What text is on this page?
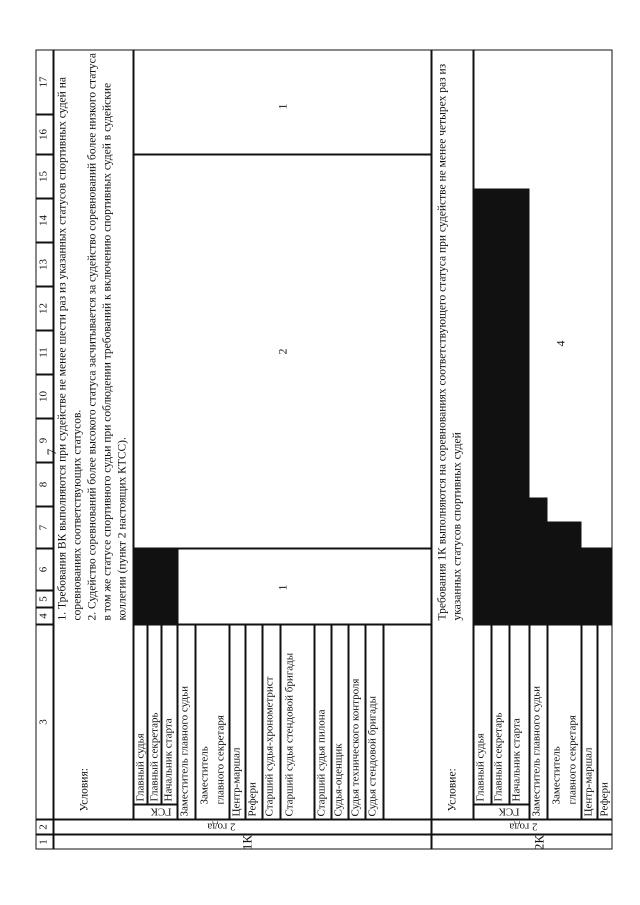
7
1
2
3
4
5
6
7
8
9
10
11
12
13
14
15
16
17
1К
2 года
Условия:
1. Требования ВК выполняются при судействе не менее шести раз из указанных статусов спортивных судей на соревнованиях соответствующих статусов. 2. Судейство соревнований более высокого статуса засчитывается за судейство соревнований более низкого статуса в том же статусе спортивного судьи при соблюдении требований к включению спортивных судей в судейские коллегии (пункт 2 настоящих КТСС).
ГСК
Главный судья Главный секретарь Начальник старта Заместитель главного судьи Заместитель главного секретаря Центр-маршал Рефери Старший судья-хронометрист Старший судья стендовой бригады Старший судья пилона Судья-оценщик Судья технического контроля Судья стендовой бригады
1
2
1
2К
2 года
Условие:
Требования 1К выполняются на соревнованиях соответствующего статуса при судействе не менее четырех раз из указанных статусов спортивных судей
ГСК
Главный судья Главный секретарь Начальник старта Заместитель главного судьи Заместитель главного секретаря Центр-маршал Рефери
4
